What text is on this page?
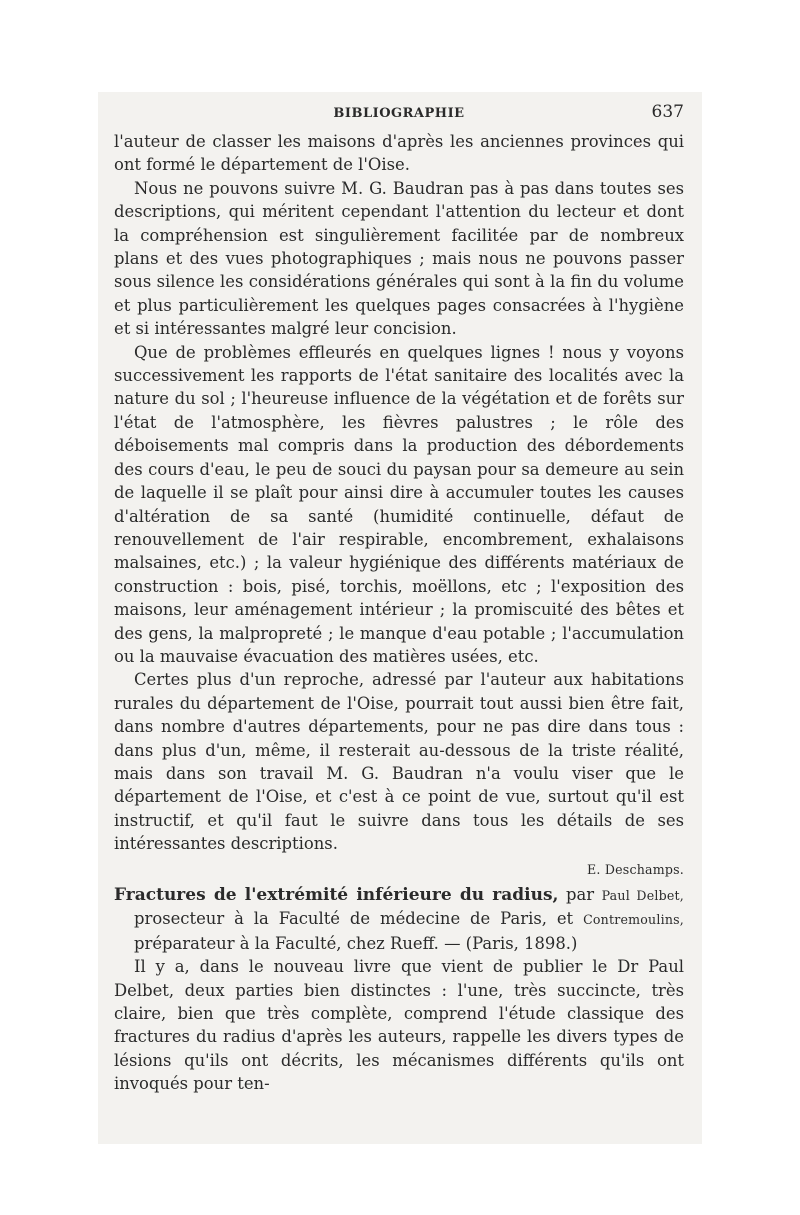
BIBLIOGRAPHIE	637

l'auteur de classer les maisons d'après les anciennes provinces qui ont formé le département de l'Oise.

Nous ne pouvons suivre M. G. Baudran pas à pas dans toutes ses descriptions, qui méritent cependant l'attention du lecteur et dont la compréhension est singulièrement facilitée par de nombreux plans et des vues photographiques ; mais nous ne pouvons passer sous silence les considérations générales qui sont à la fin du volume et plus particulièrement les quelques pages consacrées à l'hygiène et si intéressantes malgré leur concision.

Que de problèmes effleurés en quelques lignes ! nous y voyons successivement les rapports de l'état sanitaire des localités avec la nature du sol ; l'heureuse influence de la végétation et de forêts sur l'état de l'atmosphère, les fièvres palustres ; le rôle des déboisements mal compris dans la production des débordements des cours d'eau, le peu de souci du paysan pour sa demeure au sein de laquelle il se plaît pour ainsi dire à accumuler toutes les causes d'altération de sa santé (humidité continuelle, défaut de renouvellement de l'air respirable, encombrement, exhalaisons malsaines, etc.) ; la valeur hygiénique des différents matériaux de construction : bois, pisé, torchis, moëllons, etc ; l'exposition des maisons, leur aménagement intérieur ; la promiscuité des bêtes et des gens, la malpropreté ; le manque d'eau potable ; l'accumulation ou la mauvaise évacuation des matières usées, etc.

Certes plus d'un reproche, adressé par l'auteur aux habitations rurales du département de l'Oise, pourrait tout aussi bien être fait, dans nombre d'autres départements, pour ne pas dire dans tous : dans plus d'un, même, il resterait au-dessous de la triste réalité, mais dans son travail M. G. Baudran n'a voulu viser que le département de l'Oise, et c'est à ce point de vue, surtout qu'il est instructif, et qu'il faut le suivre dans tous les détails de ses intéressantes descriptions.

E. Deschamps.

Fractures de l'extrémité inférieure du radius, par Paul Delbet, prosecteur à la Faculté de médecine de Paris, et Contremoulins, préparateur à la Faculté, chez Rueff. — (Paris, 1898.)

Il y a, dans le nouveau livre que vient de publier le Dr Paul Delbet, deux parties bien distinctes : l'une, très succincte, très claire, bien que très complète, comprend l'étude classique des fractures du radius d'après les auteurs, rappelle les divers types de lésions qu'ils ont décrits, les mécanismes différents qu'ils ont invoqués pour ten-
